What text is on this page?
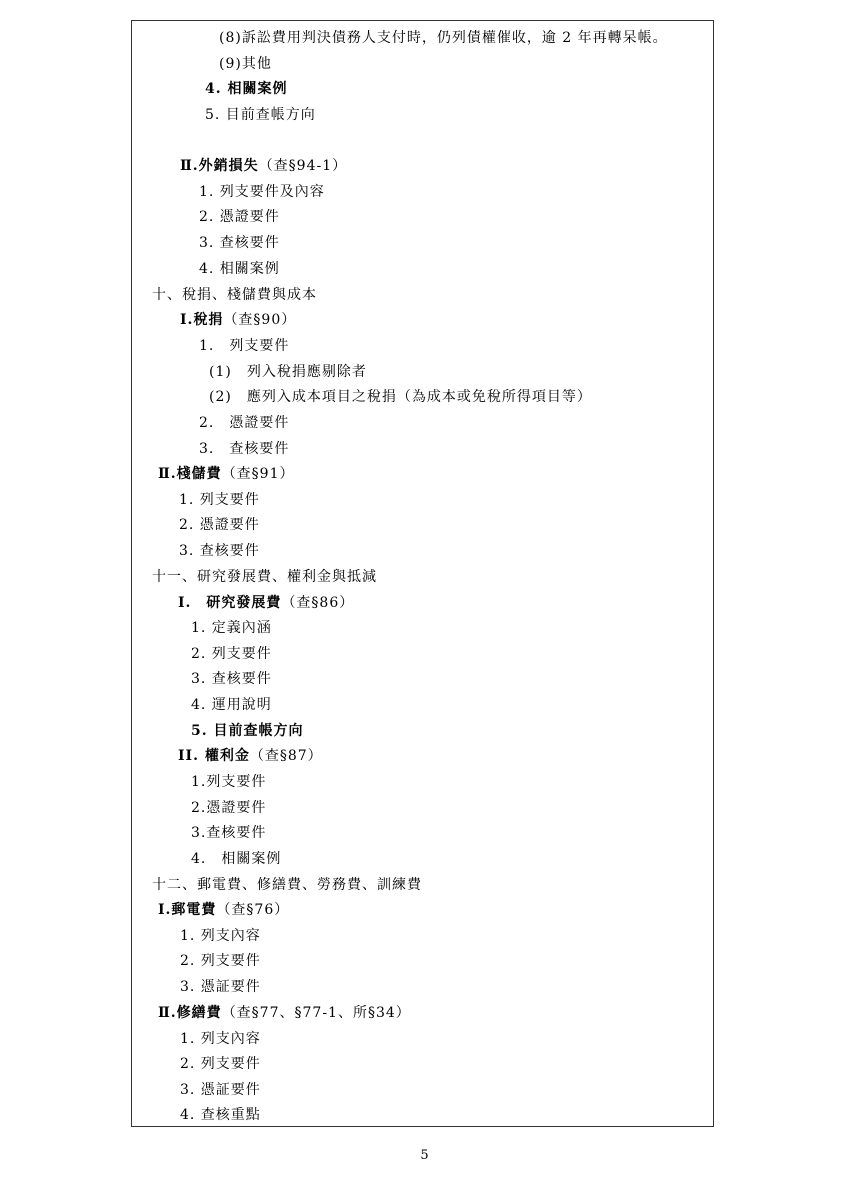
(8)訴訟費用判決債務人支付時，仍列債權催收，逾 2 年再轉呆帳。
(9)其他
4. 相關案例
5. 目前查帳方向
Ⅱ.外銷損失（查§94-1）
1. 列支要件及內容
2. 憑證要件
3. 查核要件
4. 相關案例
十、稅捐、棧儲費與成本
Ⅰ.稅捐（查§90）
1.　列支要件
(1)　列入稅捐應剔除者
(2)　應列入成本項目之稅捐（為成本或免稅所得項目等）
2.　憑證要件
3.　查核要件
Ⅱ.棧儲費（查§91）
1. 列支要件
2. 憑證要件
3. 查核要件
十一、研究發展費、權利金與抵減
I.　研究發展費（查§86）
1. 定義內涵
2. 列支要件
3. 查核要件
4. 運用說明
5. 目前查帳方向
II. 權利金（查§87）
1.列支要件
2.憑證要件
3.查核要件
4.　相關案例
十二、郵電費、修繕費、勞務費、訓練費
Ⅰ.郵電費（查§76）
1. 列支內容
2. 列支要件
3. 憑証要件
Ⅱ.修繕費（查§77、§77-1、所§34）
1. 列支內容
2. 列支要件
3. 憑証要件
4. 查核重點
5
